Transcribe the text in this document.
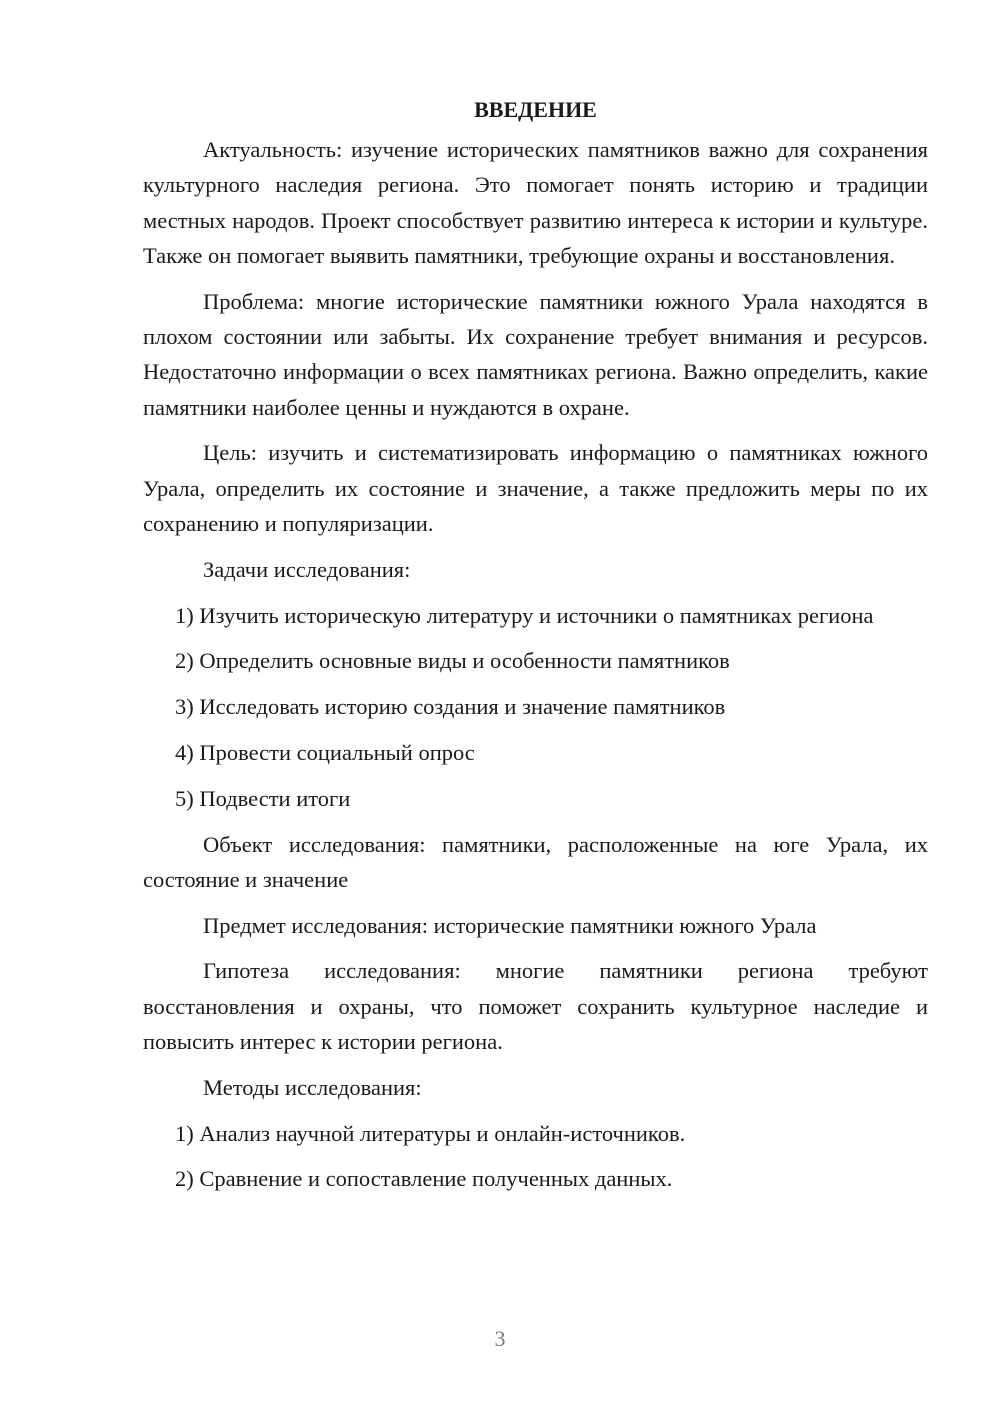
ВВЕДЕНИЕ

Актуальность: изучение исторических памятников важно для сохранения культурного наследия региона. Это помогает понять историю и традиции местных народов. Проект способствует развитию интереса к истории и культуре. Также он помогает выявить памятники, требующие охраны и восстановления.

Проблема: многие исторические памятники южного Урала находятся в плохом состоянии или забыты. Их сохранение требует внимания и ресурсов. Недостаточно информации о всех памятниках региона. Важно определить, какие памятники наиболее ценны и нуждаются в охране.

Цель: изучить и систематизировать информацию о памятниках южного Урала, определить их состояние и значение, а также предложить меры по их сохранению и популяризации.

Задачи исследования:

1) Изучить историческую литературу и источники о памятниках региона

2) Определить основные виды и особенности памятников

3) Исследовать историю создания и значение памятников

4) Провести социальный опрос

5) Подвести итоги

Объект исследования: памятники, расположенные на юге Урала, их состояние и значение

Предмет исследования: исторические памятники южного Урала

Гипотеза исследования: многие памятники региона требуют восстановления и охраны, что поможет сохранить культурное наследие и повысить интерес к истории региона.

Методы исследования:

1) Анализ научной литературы и онлайн-источников.

2) Сравнение и сопоставление полученных данных.

3
